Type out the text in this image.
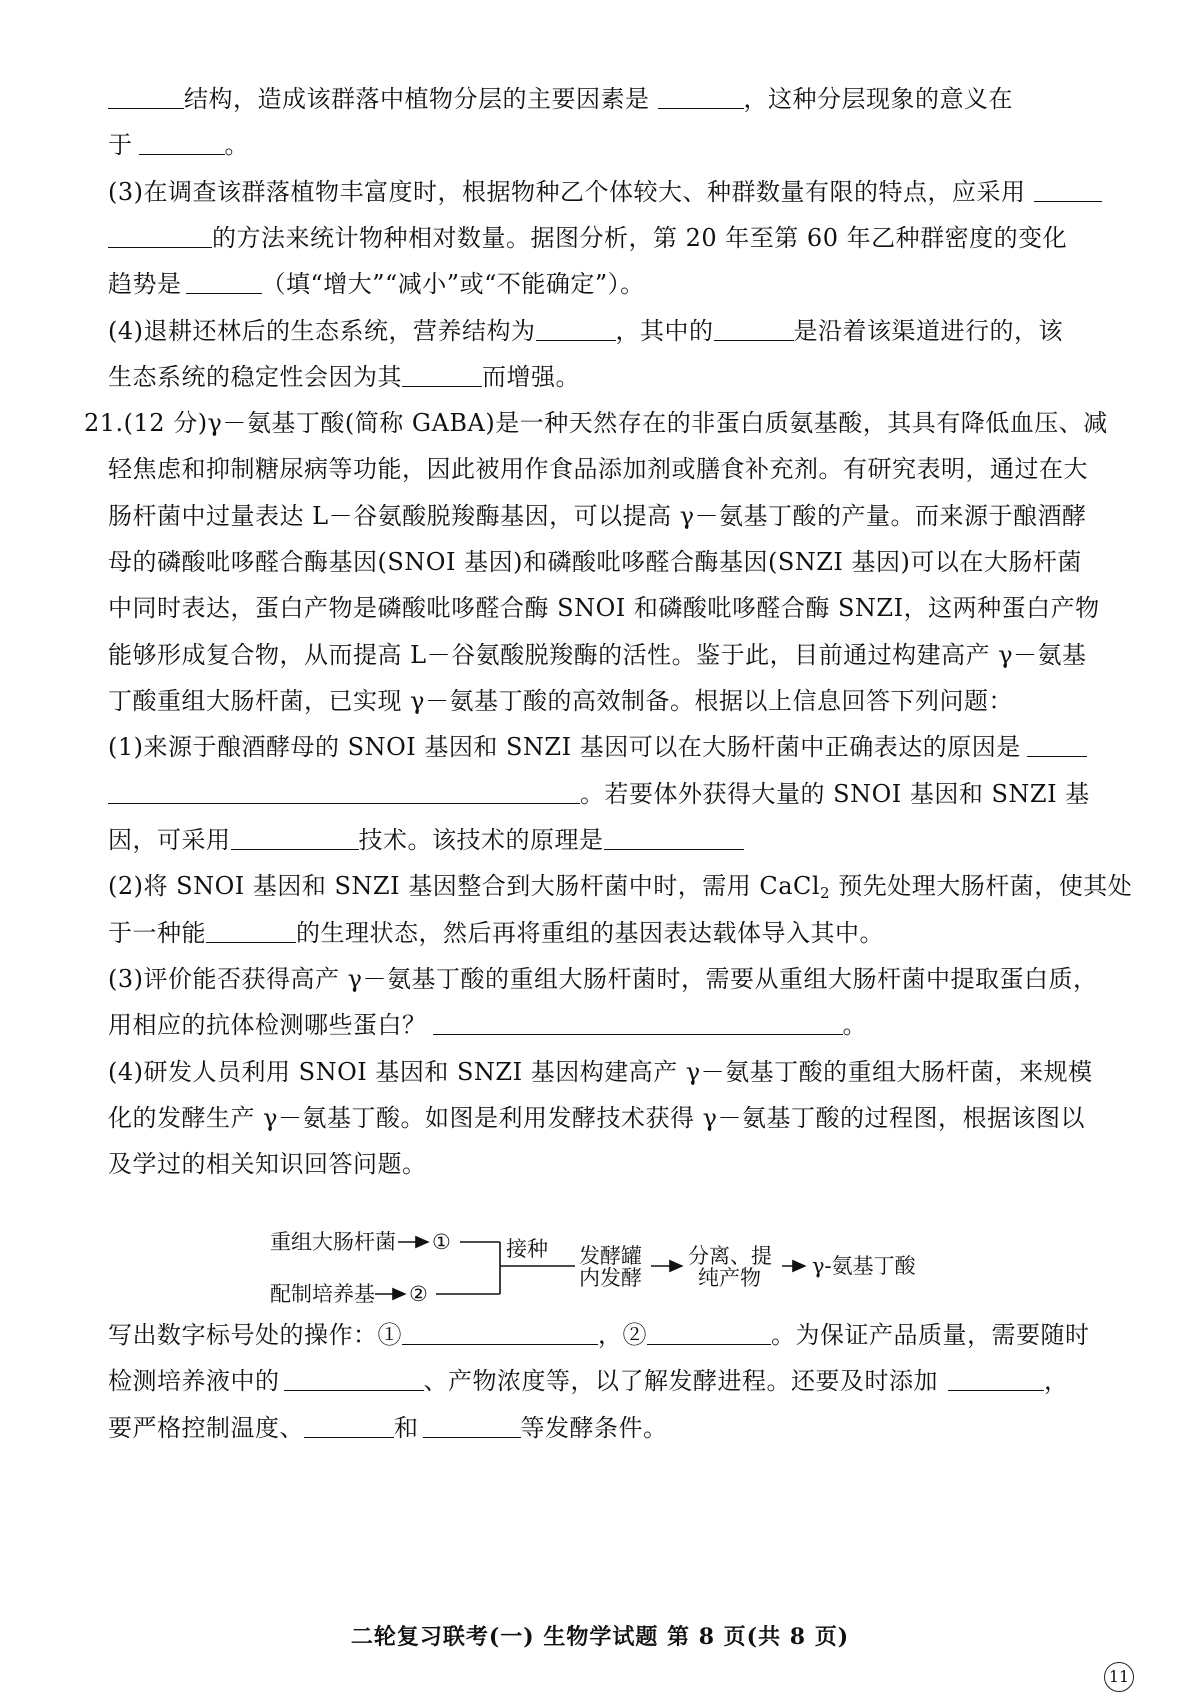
结构，造成该群落中植物分层的主要因素是	，这种分层现象的意义在
于	。
(3)在调查该群落植物丰富度时，根据物种乙个体较大、种群数量有限的特点，应采用
的方法来统计物种相对数量。据图分析，第 20 年至第 60 年乙种群密度的变化
趋势是	（填“增大”“减小”或“不能确定”）。
(4)退耕还林后的生态系统，营养结构为	，其中的	是沿着该渠道进行的，该
生态系统的稳定性会因为其	而增强。
21.(12 分)γ－氨基丁酸(简称 GABA)是一种天然存在的非蛋白质氨基酸，其具有降低血压、减
轻焦虑和抑制糖尿病等功能，因此被用作食品添加剂或膳食补充剂。有研究表明，通过在大
肠杆菌中过量表达 L－谷氨酸脱羧酶基因，可以提高 γ－氨基丁酸的产量。而来源于酿酒酵
母的磷酸吡哆醛合酶基因(SNOI 基因)和磷酸吡哆醛合酶基因(SNZI 基因)可以在大肠杆菌
中同时表达，蛋白产物是磷酸吡哆醛合酶 SNOI 和磷酸吡哆醛合酶 SNZI，这两种蛋白产物
能够形成复合物，从而提高 L－谷氨酸脱羧酶的活性。鉴于此，目前通过构建高产 γ－氨基
丁酸重组大肠杆菌，已实现 γ－氨基丁酸的高效制备。根据以上信息回答下列问题：
(1)来源于酿酒酵母的 SNOI 基因和 SNZI 基因可以在大肠杆菌中正确表达的原因是
。若要体外获得大量的 SNOI 基因和 SNZI 基
因，可采用	技术。该技术的原理是
(2)将 SNOI 基因和 SNZI 基因整合到大肠杆菌中时，需用 CaCl$_2$ 预先处理大肠杆菌，使其处
于一种能	的生理状态，然后再将重组的基因表达载体导入其中。
(3)评价能否获得高产 γ－氨基丁酸的重组大肠杆菌时，需要从重组大肠杆菌中提取蛋白质，
用相应的抗体检测哪些蛋白？	。
(4)研发人员利用 SNOI 基因和 SNZI 基因构建高产 γ－氨基丁酸的重组大肠杆菌，来规模
化的发酵生产 γ－氨基丁酸。如图是利用发酵技术获得 γ－氨基丁酸的过程图，根据该图以
及学过的相关知识回答问题。
重组大肠杆菌 ①
配制培养基 ②
接种 发酵罐
内发酵
分离、提
纯产物 γ-氨基丁酸
写出数字标号处的操作：①	，②	。为保证产品质量，需要随时
检测培养液中的	、产物浓度等，以了解发酵进程。还要及时添加	，
要严格控制温度、	和	等发酵条件。
二轮复习联考(一) 生物学试题 第 8 页(共 8 页)
11
